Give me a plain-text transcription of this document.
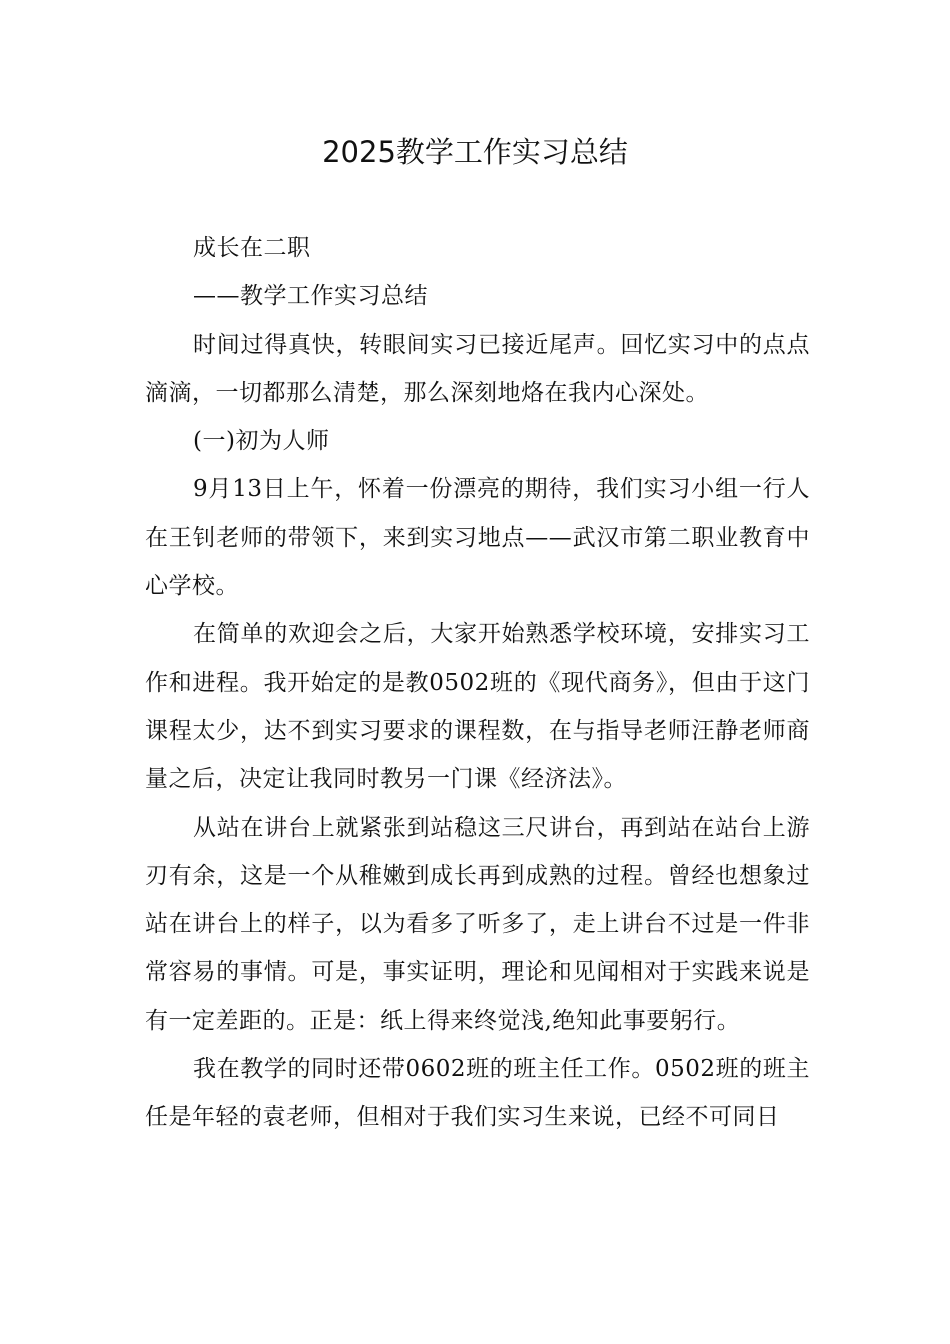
2025教学工作实习总结

成长在二职

——教学工作实习总结

时间过得真快，转眼间实习已接近尾声。回忆实习中的点点滴滴，一切都那么清楚，那么深刻地烙在我内心深处。

(一)初为人师

9月13日上午，怀着一份漂亮的期待，我们实习小组一行人在王钊老师的带领下，来到实习地点——武汉市第二职业教育中心学校。

在简单的欢迎会之后，大家开始熟悉学校环境，安排实习工作和进程。我开始定的是教0502班的《现代商务》，但由于这门课程太少，达不到实习要求的课程数，在与指导老师汪静老师商量之后，决定让我同时教另一门课《经济法》。

从站在讲台上就紧张到站稳这三尺讲台，再到站在站台上游刃有余，这是一个从稚嫩到成长再到成熟的过程。曾经也想象过站在讲台上的样子，以为看多了听多了，走上讲台不过是一件非常容易的事情。可是，事实证明，理论和见闻相对于实践来说是有一定差距的。正是：纸上得来终觉浅,绝知此事要躬行。

我在教学的同时还带0602班的班主任工作。0502班的班主任是年轻的袁老师，但相对于我们实习生来说，已经不可同日
